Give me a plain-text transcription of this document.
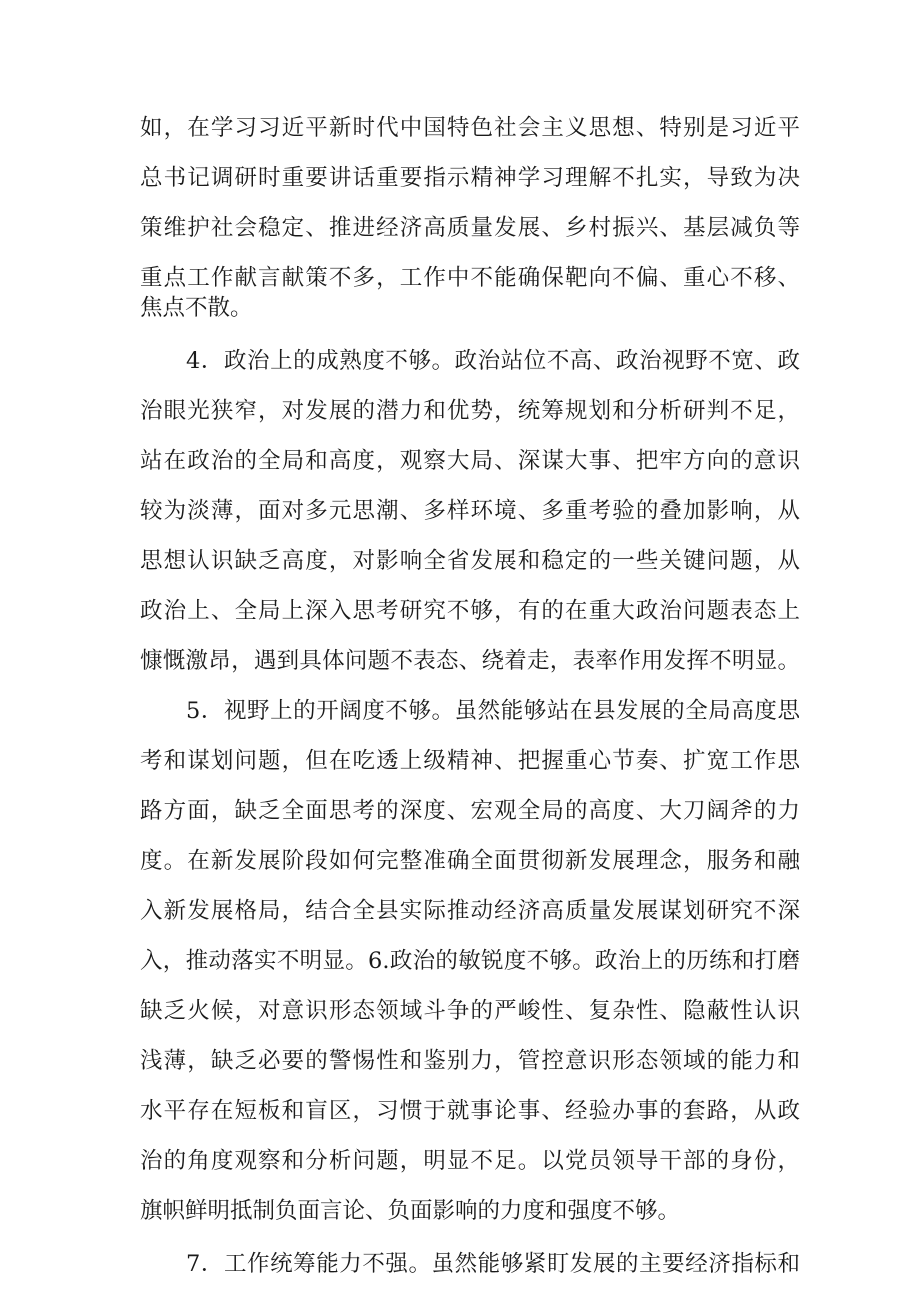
如，在学习习近平新时代中国特色社会主义思想、特别是习近平
总书记调研时重要讲话重要指示精神学习理解不扎实，导致为决
策维护社会稳定、推进经济高质量发展、乡村振兴、基层减负等
重点工作献言献策不多，工作中不能确保靶向不偏、重心不移、
焦点不散。
4．政治上的成熟度不够。政治站位不高、政治视野不宽、政
治眼光狭窄，对发展的潜力和优势，统筹规划和分析研判不足，
站在政治的全局和高度，观察大局、深谋大事、把牢方向的意识
较为淡薄，面对多元思潮、多样环境、多重考验的叠加影响，从
思想认识缺乏高度，对影响全省发展和稳定的一些关键问题，从
政治上、全局上深入思考研究不够，有的在重大政治问题表态上
慷慨激昂，遇到具体问题不表态、绕着走，表率作用发挥不明显。
5．视野上的开阔度不够。虽然能够站在县发展的全局高度思
考和谋划问题，但在吃透上级精神、把握重心节奏、扩宽工作思
路方面，缺乏全面思考的深度、宏观全局的高度、大刀阔斧的力
度。在新发展阶段如何完整准确全面贯彻新发展理念，服务和融
入新发展格局，结合全县实际推动经济高质量发展谋划研究不深
入，推动落实不明显。6.政治的敏锐度不够。政治上的历练和打磨
缺乏火候，对意识形态领域斗争的严峻性、复杂性、隐蔽性认识
浅薄，缺乏必要的警惕性和鉴别力，管控意识形态领域的能力和
水平存在短板和盲区，习惯于就事论事、经验办事的套路，从政
治的角度观察和分析问题，明显不足。以党员领导干部的身份，
旗帜鲜明抵制负面言论、负面影响的力度和强度不够。
7．工作统筹能力不强。虽然能够紧盯发展的主要经济指标和
